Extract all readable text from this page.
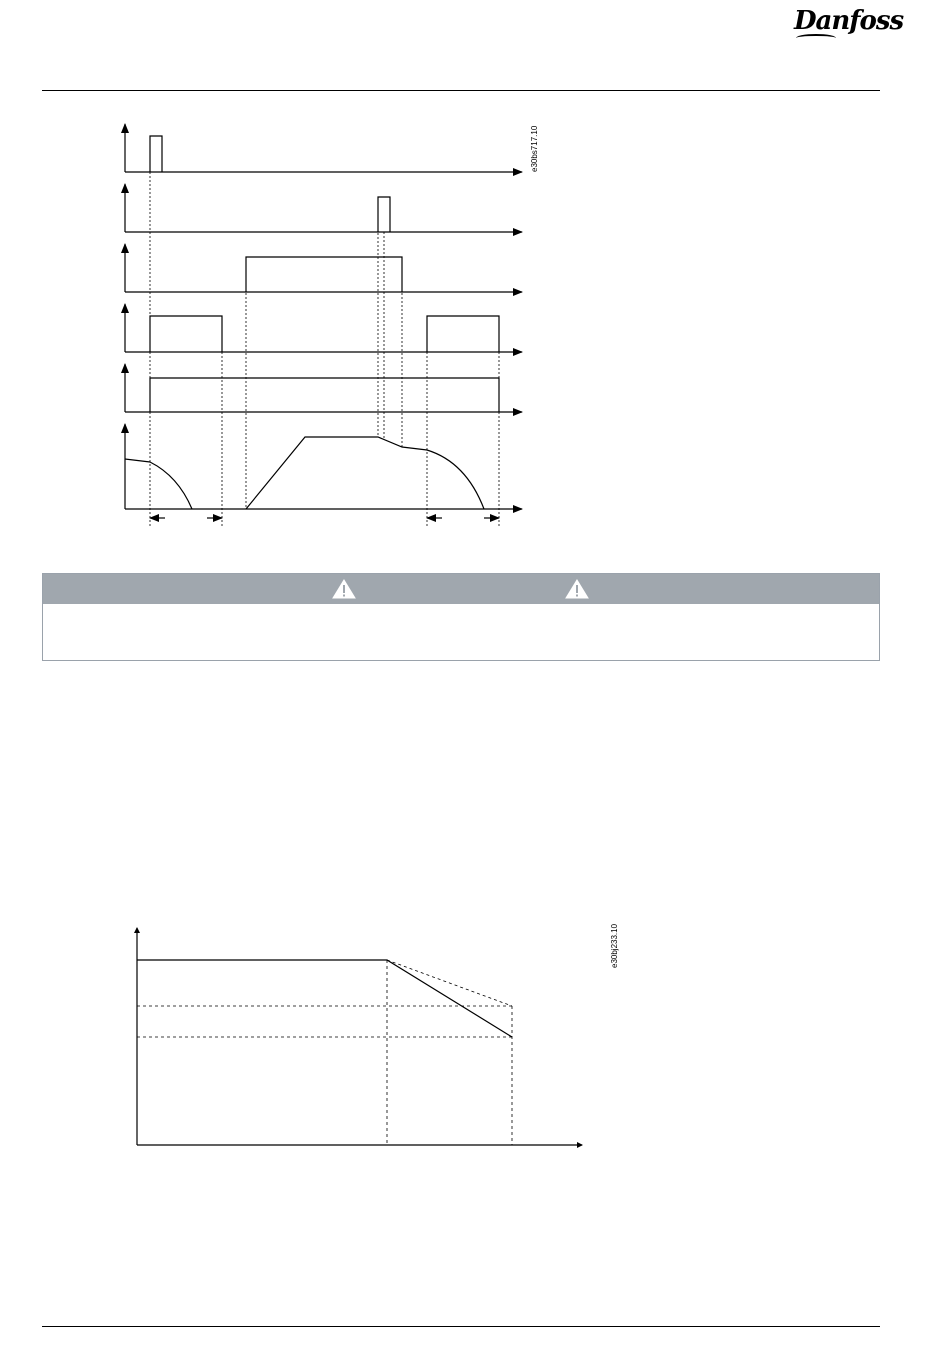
Danfoss
e30bs717.10
e30bj233.10
